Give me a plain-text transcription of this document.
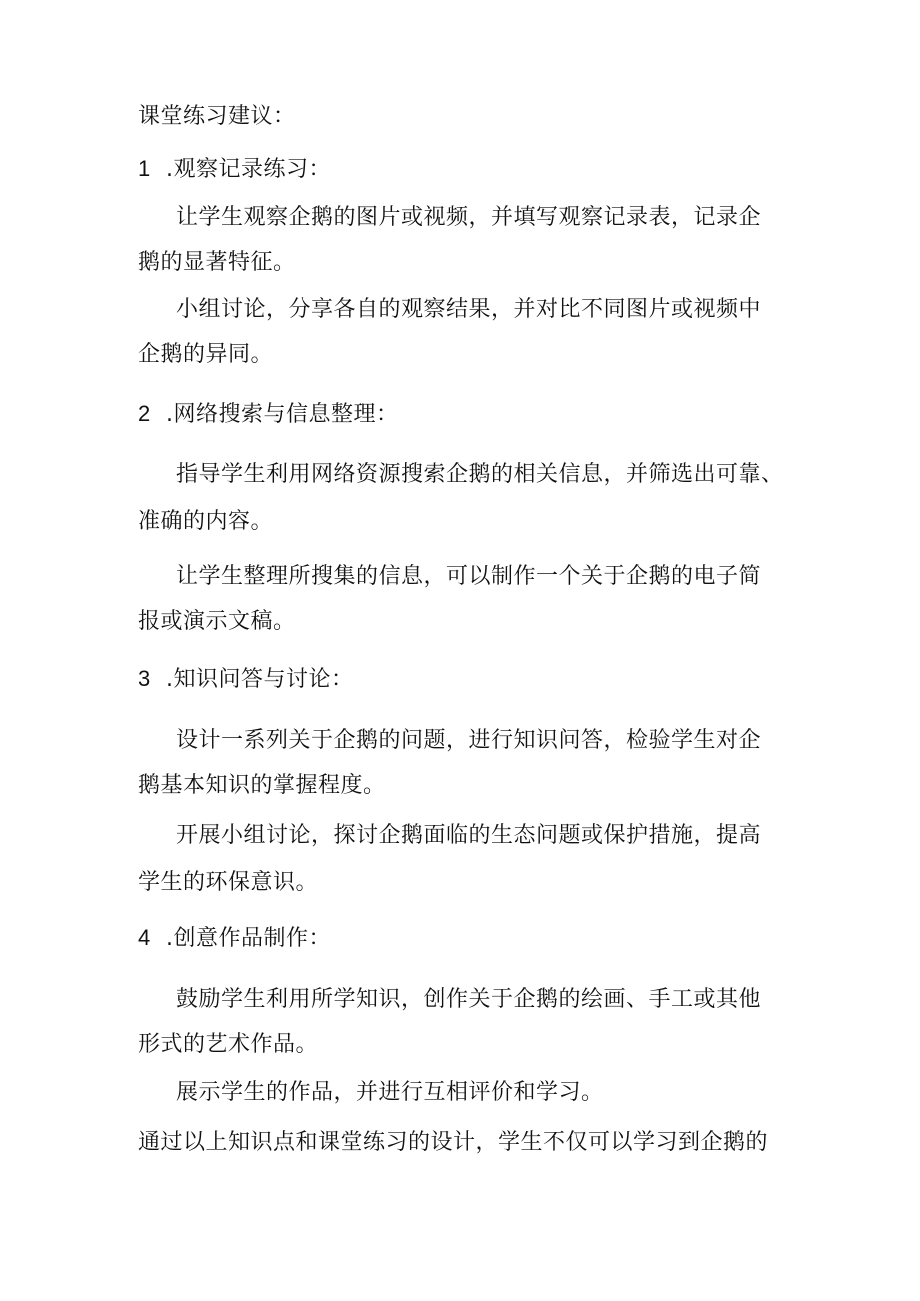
课堂练习建议：
1 .观察记录练习：
让学生观察企鹅的图片或视频，并填写观察记录表，记录企
鹅的显著特征。
小组讨论，分享各自的观察结果，并对比不同图片或视频中
企鹅的异同。
2 .网络搜索与信息整理：
指导学生利用网络资源搜索企鹅的相关信息，并筛选出可靠、
准确的内容。
让学生整理所搜集的信息，可以制作一个关于企鹅的电子简
报或演示文稿。
3 .知识问答与讨论：
设计一系列关于企鹅的问题，进行知识问答，检验学生对企
鹅基本知识的掌握程度。
开展小组讨论，探讨企鹅面临的生态问题或保护措施，提高
学生的环保意识。
4 .创意作品制作：
鼓励学生利用所学知识，创作关于企鹅的绘画、手工或其他
形式的艺术作品。
展示学生的作品，并进行互相评价和学习。
通过以上知识点和课堂练习的设计，学生不仅可以学习到企鹅的
